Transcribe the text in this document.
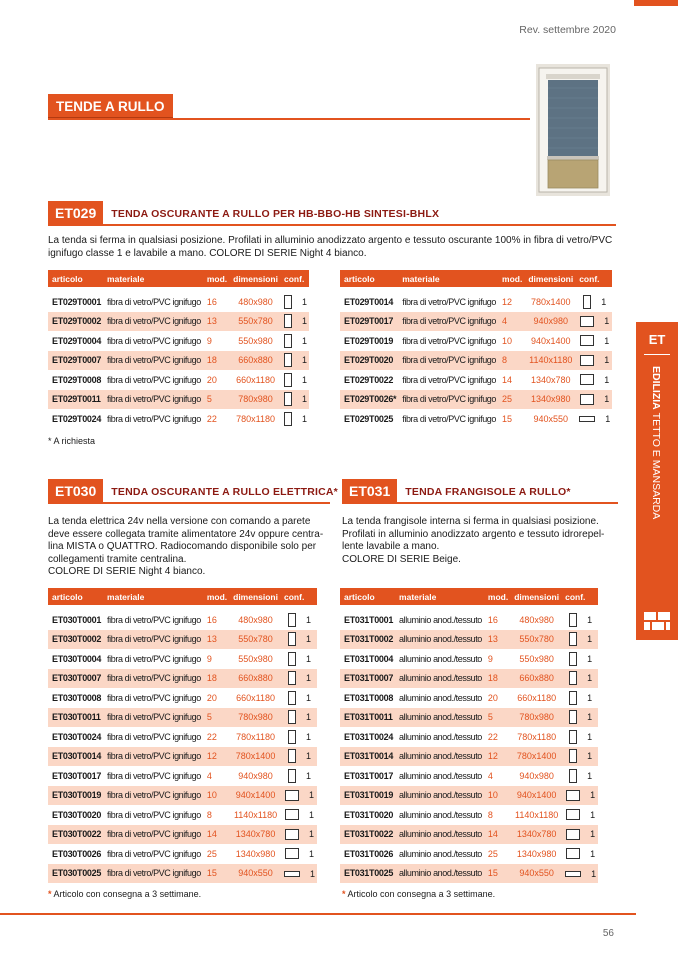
Rev. settembre 2020
TENDE A RULLO
ET029	TENDA OSCURANTE A RULLO PER HB-BBO-HB SINTESI-BHLX
La tenda si ferma in qualsiasi posizione. Profilati in alluminio anodizzato argento e tessuto oscurante 100% in fibra di vetro/PVC ignifugo classe 1 e lavabile a mano. COLORE DI SERIE Night 4 bianco.
articolo	materiale	mod.	dimensioni	conf.

ET029T0001	fibra di vetro/PVC ignifugo	16	480x980	1
ET029T0002	fibra di vetro/PVC ignifugo	13	550x780	1
ET029T0004	fibra di vetro/PVC ignifugo	9	550x980	1
ET029T0007	fibra di vetro/PVC ignifugo	18	660x880	1
ET029T0008	fibra di vetro/PVC ignifugo	20	660x1180	1
ET029T0011	fibra di vetro/PVC ignifugo	5	780x980	1
ET029T0024	fibra di vetro/PVC ignifugo	22	780x1180	1
articolo	materiale	mod.	dimensioni	conf.

ET029T0014	fibra di vetro/PVC ignifugo	12	780x1400	1
ET029T0017	fibra di vetro/PVC ignifugo	4	940x980	1
ET029T0019	fibra di vetro/PVC ignifugo	10	940x1400	1
ET029T0020	fibra di vetro/PVC ignifugo	8	1140x1180	1
ET029T0022	fibra di vetro/PVC ignifugo	14	1340x780	1
ET029T0026*	fibra di vetro/PVC ignifugo	25	1340x980	1
ET029T0025	fibra di vetro/PVC ignifugo	15	940x550	1
* A richiesta
ET030	TENDA OSCURANTE A RULLO ELETTRICA*

La tenda elettrica 24v nella versione con comando a parete

deve essere collegata tramite alimentatore 24v oppure centra-

lina MISTA o QUATTRO. Radiocomando disponibile solo per

collegamenti tramite centralina.

COLORE DI SERIE Night 4 bianco.

articolo	materiale	mod.	dimensioni	conf.

ET030T0001	fibra di vetro/PVC ignifugo	16	480x980	1
ET030T0002	fibra di vetro/PVC ignifugo	13	550x780	1
ET030T0004	fibra di vetro/PVC ignifugo	9	550x980	1
ET030T0007	fibra di vetro/PVC ignifugo	18	660x880	1
ET030T0008	fibra di vetro/PVC ignifugo	20	660x1180	1
ET030T0011	fibra di vetro/PVC ignifugo	5	780x980	1
ET030T0024	fibra di vetro/PVC ignifugo	22	780x1180	1
ET030T0014	fibra di vetro/PVC ignifugo	12	780x1400	1
ET030T0017	fibra di vetro/PVC ignifugo	4	940x980	1
ET030T0019	fibra di vetro/PVC ignifugo	10	940x1400	1
ET030T0020	fibra di vetro/PVC ignifugo	8	1140x1180	1
ET030T0022	fibra di vetro/PVC ignifugo	14	1340x780	1
ET030T0026	fibra di vetro/PVC ignifugo	25	1340x980	1
ET030T0025	fibra di vetro/PVC ignifugo	15	940x550	1
* Articolo con consegna a 3 settimane.
ET031	TENDA FRANGISOLE A RULLO*

La tenda frangisole interna si ferma in qualsiasi posizione.

Profilati in alluminio anodizzato argento e tessuto idrorepel-

lente lavabile a mano.

COLORE DI SERIE Beige.

articolo	materiale	mod.	dimensioni	conf.

ET031T0001	alluminio anod./tessuto	16	480x980	1
ET031T0002	alluminio anod./tessuto	13	550x780	1
ET031T0004	alluminio anod./tessuto	9	550x980	1
ET031T0007	alluminio anod./tessuto	18	660x880	1
ET031T0008	alluminio anod./tessuto	20	660x1180	1
ET031T0011	alluminio anod./tessuto	5	780x980	1
ET031T0024	alluminio anod./tessuto	22	780x1180	1
ET031T0014	alluminio anod./tessuto	12	780x1400	1
ET031T0017	alluminio anod./tessuto	4	940x980	1
ET031T0019	alluminio anod./tessuto	10	940x1400	1
ET031T0020	alluminio anod./tessuto	8	1140x1180	1
ET031T0022	alluminio anod./tessuto	14	1340x780	1
ET031T0026	alluminio anod./tessuto	25	1340x980	1
ET031T0025	alluminio anod./tessuto	15	940x550	1
* Articolo con consegna a 3 settimane.
ET
EDILIZIA TETTO E MANSARDA
56
